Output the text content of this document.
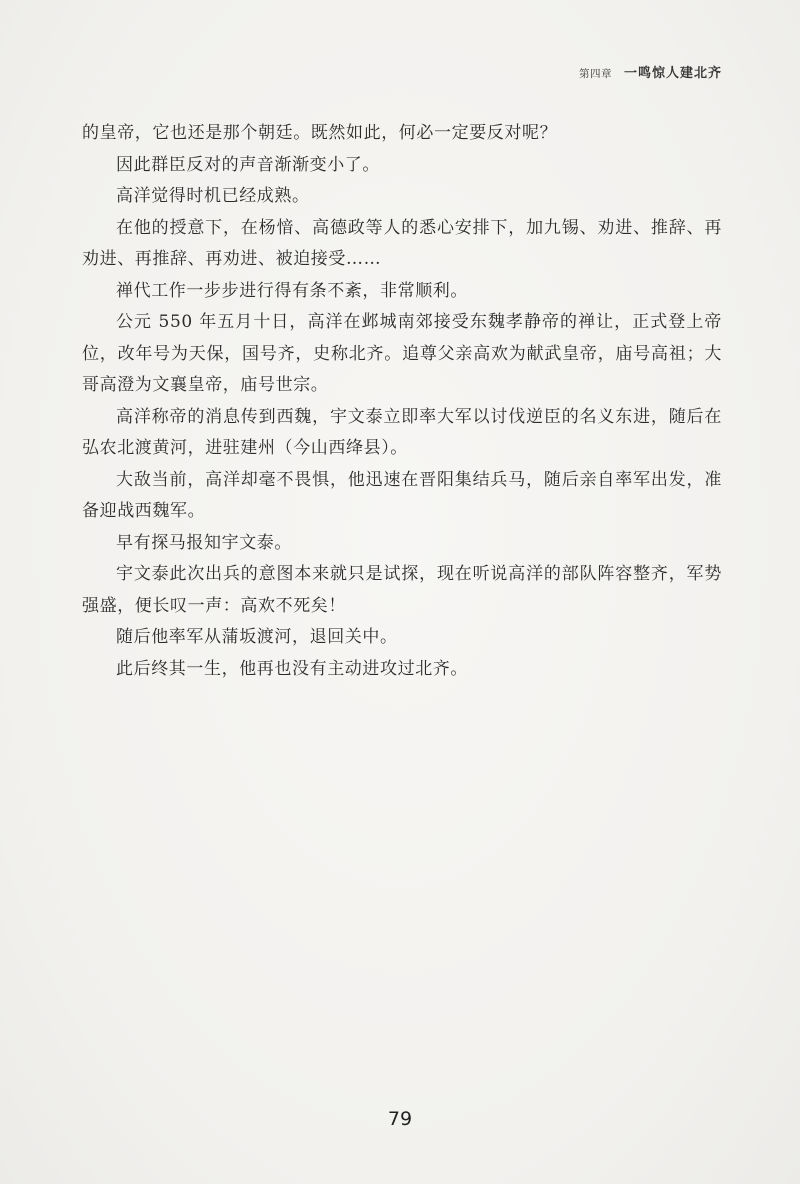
第四章 一鸣惊人建北齐

的皇帝，它也还是那个朝廷。既然如此，何必一定要反对呢？

因此群臣反对的声音渐渐变小了。

高洋觉得时机已经成熟。

在他的授意下，在杨愔、高德政等人的悉心安排下，加九锡、劝进、推辞、再劝进、再推辞、再劝进、被迫接受……

禅代工作一步步进行得有条不紊，非常顺利。

公元 550 年五月十日，高洋在邺城南郊接受东魏孝静帝的禅让，正式登上帝位，改年号为天保，国号齐，史称北齐。追尊父亲高欢为献武皇帝，庙号高祖；大哥高澄为文襄皇帝，庙号世宗。

高洋称帝的消息传到西魏，宇文泰立即率大军以讨伐逆臣的名义东进，随后在弘农北渡黄河，进驻建州（今山西绛县）。

大敌当前，高洋却毫不畏惧，他迅速在晋阳集结兵马，随后亲自率军出发，准备迎战西魏军。

早有探马报知宇文泰。

宇文泰此次出兵的意图本来就只是试探，现在听说高洋的部队阵容整齐，军势强盛，便长叹一声：高欢不死矣！

随后他率军从蒲坂渡河，退回关中。

此后终其一生，他再也没有主动进攻过北齐。

79
